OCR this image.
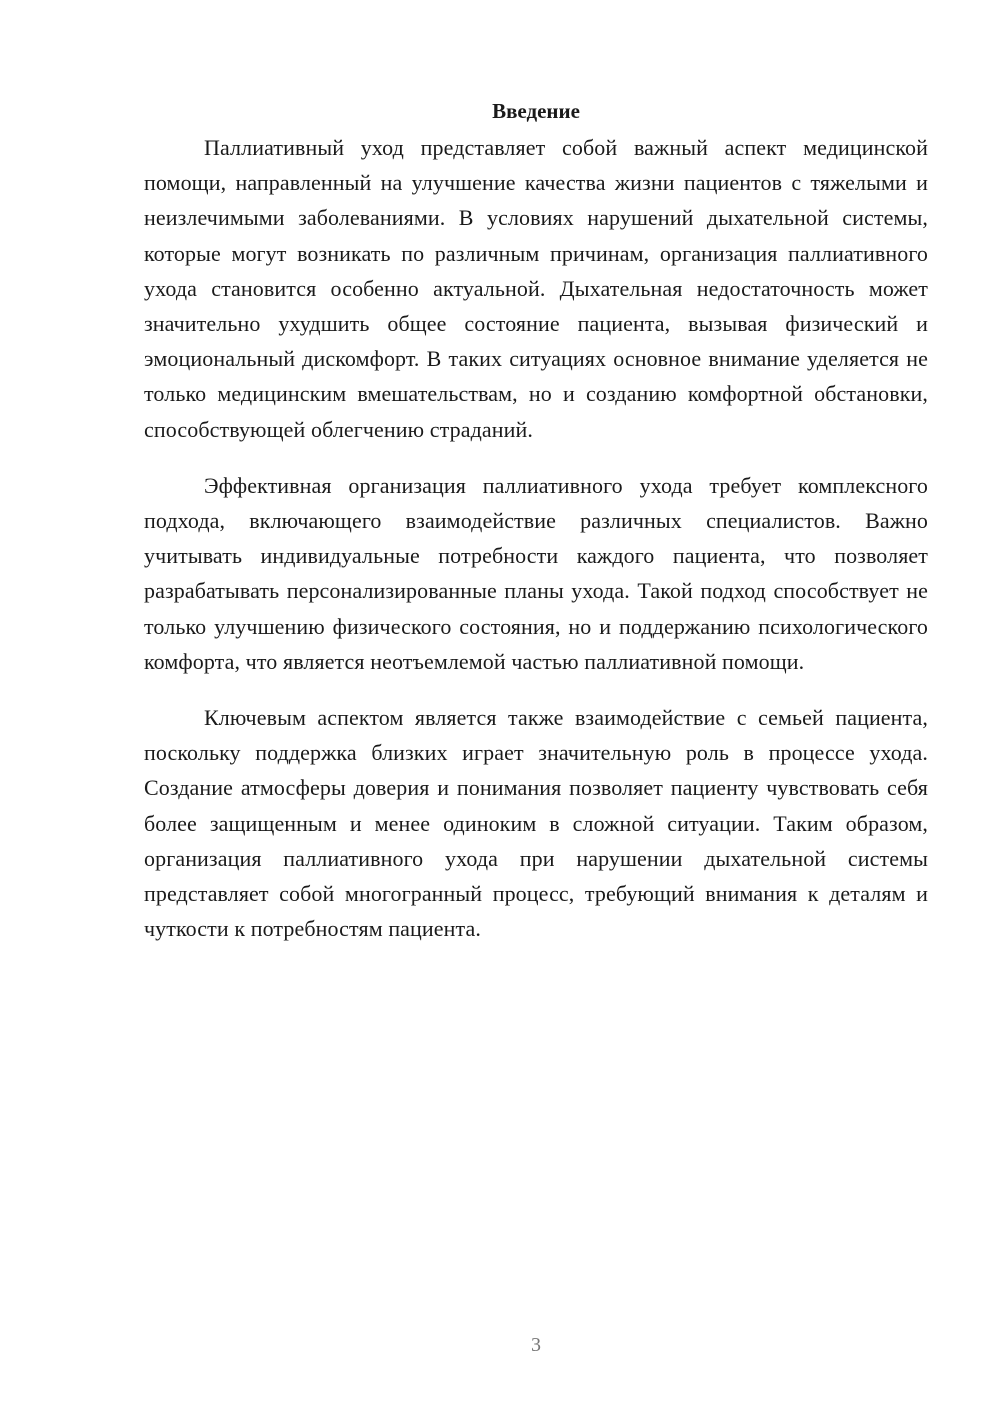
Введение

Паллиативный уход представляет собой важный аспект медицинской помощи, направленный на улучшение качества жизни пациентов с тяжелыми и неизлечимыми заболеваниями. В условиях нарушений дыхательной системы, которые могут возникать по различным причинам, организация паллиативного ухода становится особенно актуальной. Дыхательная недостаточность может значительно ухудшить общее состояние пациента, вызывая физический и эмоциональный дискомфорт. В таких ситуациях основное внимание уделяется не только медицинским вмешательствам, но и созданию комфортной обстановки, способствующей облегчению страданий.

Эффективная организация паллиативного ухода требует комплексного подхода, включающего взаимодействие различных специалистов. Важно учитывать индивидуальные потребности каждого пациента, что позволяет разрабатывать персонализированные планы ухода. Такой подход способствует не только улучшению физического состояния, но и поддержанию психологического комфорта, что является неотъемлемой частью паллиативной помощи.

Ключевым аспектом является также взаимодействие с семьей пациента, поскольку поддержка близких играет значительную роль в процессе ухода. Создание атмосферы доверия и понимания позволяет пациенту чувствовать себя более защищенным и менее одиноким в сложной ситуации. Таким образом, организация паллиативного ухода при нарушении дыхательной системы представляет собой многогранный процесс, требующий внимания к деталям и чуткости к потребностям пациента.

3
